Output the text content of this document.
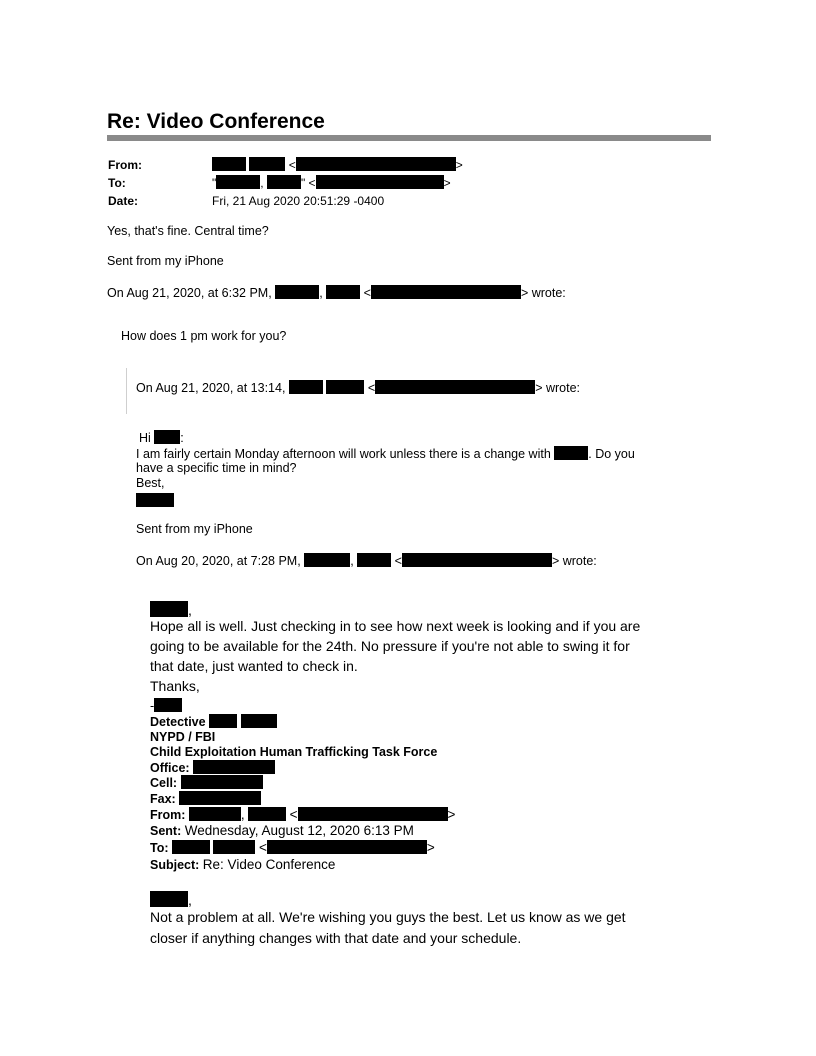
Re: Video Conference
From:	<	>
To:	"	,	" <	>
Date:	Fri, 21 Aug 2020 20:51:29 -0400
Yes, that's fine. Central time?
Sent from my iPhone
On Aug 21, 2020, at 6:32 PM,	,	<	> wrote:
How does 1 pm work for you?
On Aug 21, 2020, at 13:14,	<	> wrote:
Hi :
I am fairly certain Monday afternoon will work unless there is a change with	. Do you
have a specific time in mind?
Best,
Sent from my iPhone
On Aug 20, 2020, at 7:28 PM,	,	<	> wrote:
,
Hope all is well. Just checking in to see how next week is looking and if you are
going to be available for the 24th. No pressure if you're not able to swing it for
that date, just wanted to check in.
Thanks,
-
Detective
NYPD / FBI
Child Exploitation Human Trafficking Task Force
Office:
Cell:
Fax:
From:	,	<	>
Sent: Wednesday, August 12, 2020 6:13 PM
To:	<	>
Subject: Re: Video Conference
,
Not a problem at all. We're wishing you guys the best. Let us know as we get
closer if anything changes with that date and your schedule.
